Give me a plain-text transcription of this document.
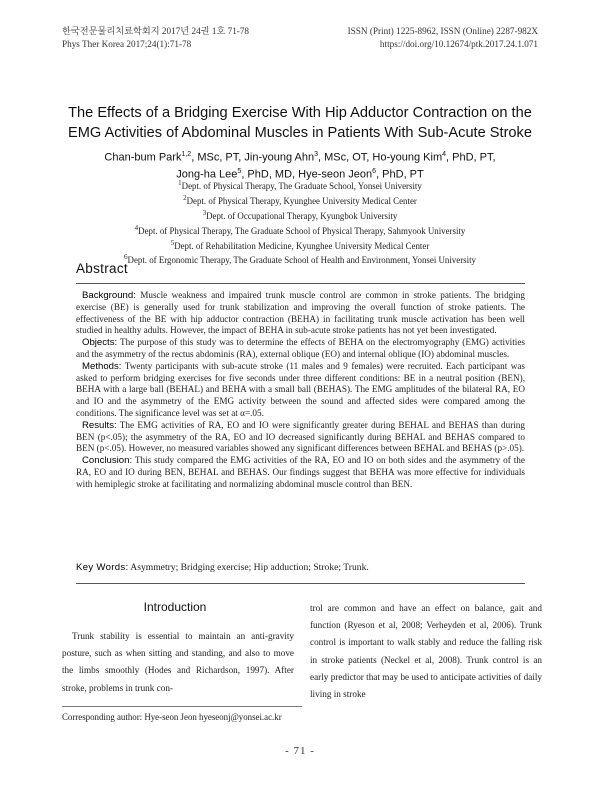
한국전문물리치료학회지 2017년 24권 1호 71-78
Phys Ther Korea 2017;24(1):71-78
ISSN (Print) 1225-8962, ISSN (Online) 2287-982X
https://doi.org/10.12674/ptk.2017.24.1.071
The Effects of a Bridging Exercise With Hip Adductor Contraction on the
EMG Activities of Abdominal Muscles in Patients With Sub-Acute Stroke
Chan-bum Park$^{1,2}$, MSc, PT, Jin-young Ahn$^3$, MSc, OT, Ho-young Kim$^4$, PhD, PT,
Jong-ha Lee$^5$, PhD, MD, Hye-seon Jeon$^6$, PhD, PT
$^1$Dept. of Physical Therapy, The Graduate School, Yonsei University
$^2$Dept. of Physical Therapy, Kyunghee University Medical Center
$^3$Dept. of Occupational Therapy, Kyungbok University
$^4$Dept. of Physical Therapy, The Graduate School of Physical Therapy, Sahmyook University
$^5$Dept. of Rehabilitation Medicine, Kyunghee University Medical Center
$^6$Dept. of Ergonomic Therapy, The Graduate School of Health and Environment, Yonsei University
Abstract

Background: Muscle weakness and impaired trunk muscle control are common in stroke patients. The bridging exercise (BE) is generally used for trunk stabilization and improving the overall function of stroke patients. The effectiveness of the BE with hip adductor contraction (BEHA) in facilitating trunk muscle activation has been well studied in healthy adults. However, the impact of BEHA in sub-acute stroke patients has not yet been investigated.

Objects: The purpose of this study was to determine the effects of BEHA on the electromyography (EMG) activities and the asymmetry of the rectus abdominis (RA), external oblique (EO) and internal oblique (IO) abdominal muscles.

Methods: Twenty participants with sub-acute stroke (11 males and 9 females) were recruited. Each participant was asked to perform bridging exercises for five seconds under three different conditions: BE in a neutral position (BEN), BEHA with a large ball (BEHAL) and BEHA with a small ball (BEHAS). The EMG amplitudes of the bilateral RA, EO and IO and the asymmetry of the EMG activity between the sound and affected sides were compared among the conditions. The significance level was set at α=.05.

Results: The EMG activities of RA, EO and IO were significantly greater during BEHAL and BEHAS than during BEN (p<.05); the asymmetry of the RA, EO and IO decreased significantly during BEHAL and BEHAS compared to BEN (p<.05). However, no measured variables showed any significant differences between BEHAL and BEHAS (p>.05).

Conclusion: This study compared the EMG activities of the RA, EO and IO on both sides and the asymmetry of the RA, EO and IO during BEN, BEHAL and BEHAS. Our findings suggest that BEHA was more effective for individuals with hemiplegic stroke at facilitating and normalizing abdominal muscle control than BEN.

Key Words: Asymmetry; Bridging exercise; Hip adduction; Stroke; Trunk.
Introduction
Trunk stability is essential to maintain an anti-gravity posture, such as when sitting and standing, and also to move the limbs smoothly (Hodes and Richardson, 1997). After stroke, problems in trunk con-
trol are common and have an effect on balance, gait and function (Ryeson et al, 2008; Verheyden et al, 2006). Trunk control is important to walk stably and reduce the falling risk in stroke patients (Neckel et al, 2008). Trunk control is an early predictor that may be used to anticipate activities of daily living in stroke
Corresponding author: Hye-seon Jeon hyeseonj@yonsei.ac.kr
- 71 -
